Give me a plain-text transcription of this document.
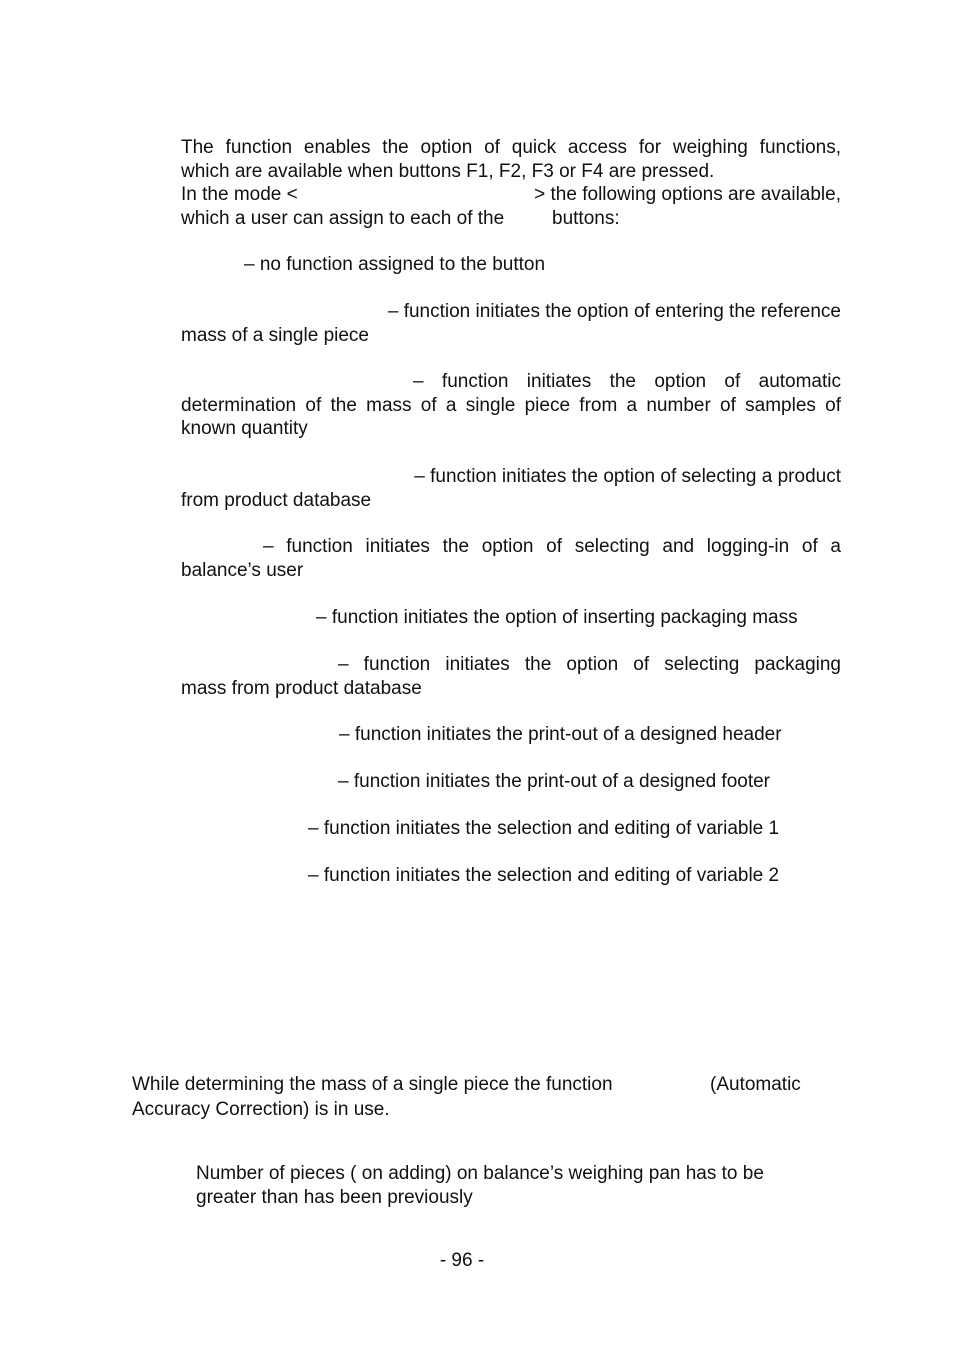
The function enables the option of quick access for weighing functions,
which are available when buttons F1, F2, F3 or F4 are pressed.
In the mode <	> the following options are available,
which a user can assign to each of the	buttons:
– no function assigned to the button
– function initiates the option of entering the reference
mass of a single piece
– function initiates the option of automatic
determination of the mass of a single piece from a number of samples of
known quantity
– function initiates the option of selecting a product
from product database
– function initiates the option of selecting and logging-in of a
balance’s user
– function initiates the option of inserting packaging mass
– function initiates the option of selecting packaging
mass from product database
– function initiates the print-out of a designed header
– function initiates the print-out of a designed footer
– function initiates the selection and editing of variable 1
– function initiates the selection and editing of variable 2
While determining the mass of a single piece the function	(Automatic
Accuracy Correction) is in use.
Number of pieces ( on adding) on balance’s weighing pan has to be
greater than has been previously
- 96 -
